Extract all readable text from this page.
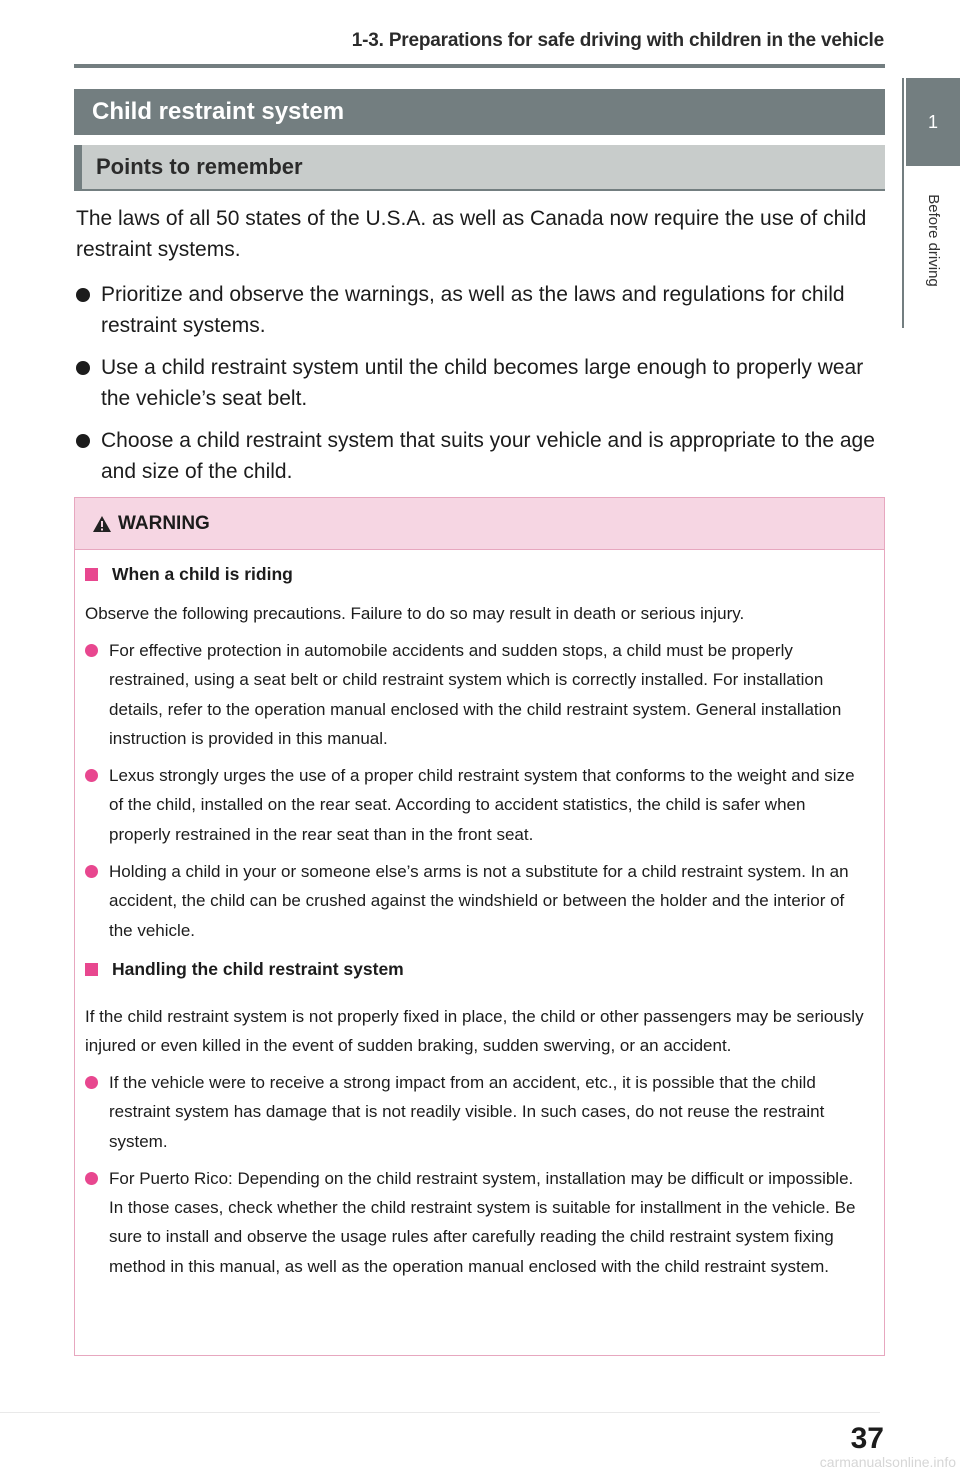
1-3. Preparations for safe driving with children in the vehicle
1
Before driving
Child restraint system
Points to remember
The laws of all 50 states of the U.S.A. as well as Canada now require the use of child restraint systems.
Prioritize and observe the warnings, as well as the laws and regulations for child restraint systems.
Use a child restraint system until the child becomes large enough to properly wear the vehicle’s seat belt.
Choose a child restraint system that suits your vehicle and is appropriate to the age and size of the child.
WARNING
When a child is riding

Observe the following precautions. Failure to do so may result in death or serious injury.

For effective protection in automobile accidents and sudden stops, a child must be properly restrained, using a seat belt or child restraint system which is correctly installed. For installation details, refer to the operation manual enclosed with the child restraint system. General installation instruction is provided in this manual.
Lexus strongly urges the use of a proper child restraint system that conforms to the weight and size of the child, installed on the rear seat. According to accident statistics, the child is safer when properly restrained in the rear seat than in the front seat.
Holding a child in your or someone else’s arms is not a substitute for a child restraint system. In an accident, the child can be crushed against the windshield or between the holder and the interior of the vehicle.
Handling the child restraint system

If the child restraint system is not properly fixed in place, the child or other passengers may be seriously injured or even killed in the event of sudden braking, sudden swerving, or an accident.

If the vehicle were to receive a strong impact from an accident, etc., it is possible that the child restraint system has damage that is not readily visible. In such cases, do not reuse the restraint system.
For Puerto Rico: Depending on the child restraint system, installation may be difficult or impossible. In those cases, check whether the child restraint system is suitable for installment in the vehicle. Be sure to install and observe the usage rules after carefully reading the child restraint system fixing method in this manual, as well as the operation manual enclosed with the child restraint system.
37
carmanualsonline.info
